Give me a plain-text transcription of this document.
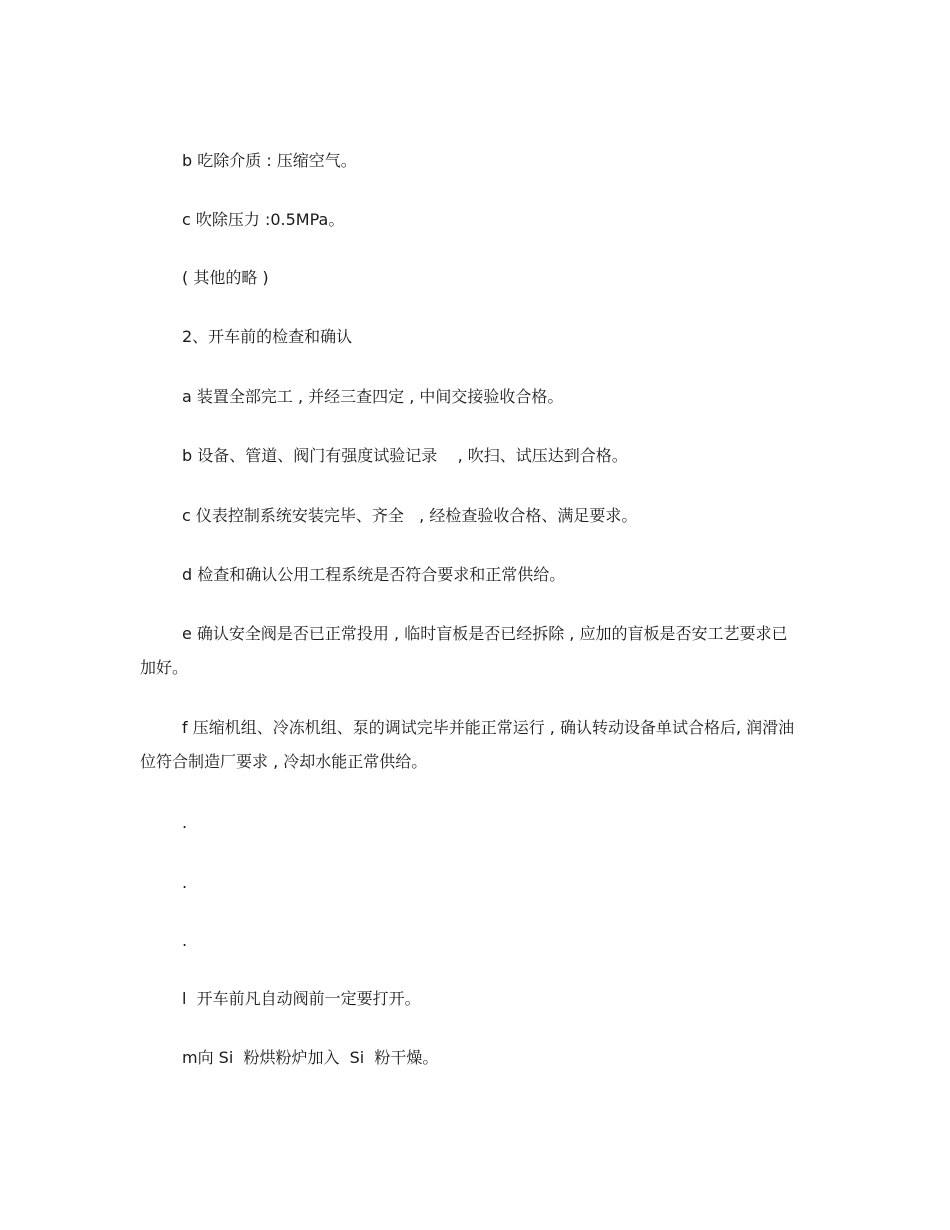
b 吃除介质 : 压缩空气。
c 吹除压力 :0.5MPa。
( 其他的略 )
2、开车前的检查和确认
a 装置全部完工 , 并经三查四定 , 中间交接验收合格。
b 设备、管道、阀门有强度试验记录    , 吹扫、试压达到合格。
c 仪表控制系统安装完毕、齐全   , 经检查验收合格、满足要求。
d 检查和确认公用工程系统是否符合要求和正常供给。
e 确认安全阀是否已正常投用 , 临时盲板是否已经拆除 , 应加的盲板是否安工艺要求已加好。
f 压缩机组、冷冻机组、泵的调试完毕并能正常运行 , 确认转动设备单试合格后, 润滑油位符合制造厂要求 , 冷却水能正常供给。
.
.
.
l  开车前凡自动阀前一定要打开。
m向 Si  粉烘粉炉加入  Si  粉干燥。
